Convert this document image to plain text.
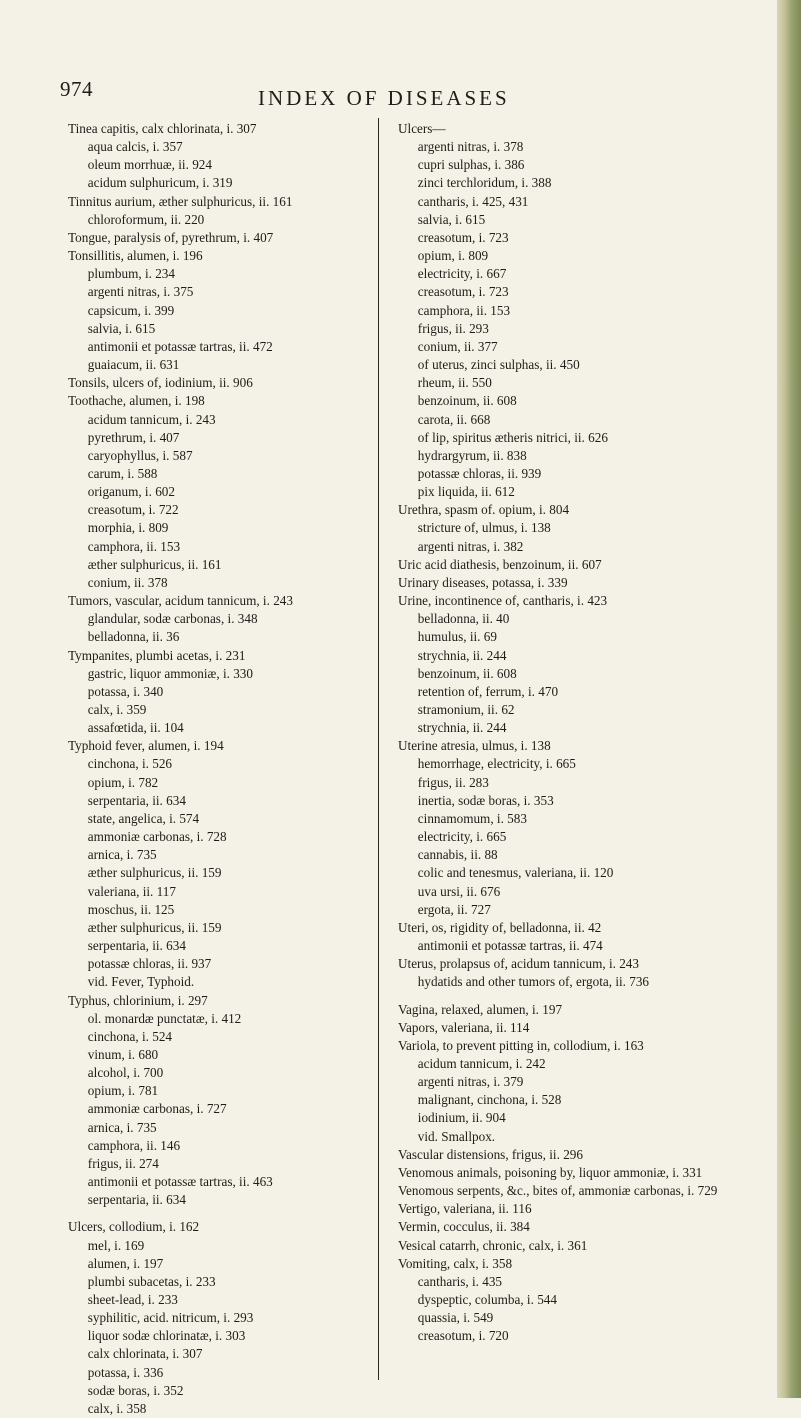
974	INDEX OF DISEASES

Tinea capitis, calx chlorinata, i. 307

aqua calcis, i. 357

oleum morrhuæ, ii. 924

acidum sulphuricum, i. 319

Tinnitus aurium, æther sulphuricus, ii. 161

chloroformum, ii. 220

Tongue, paralysis of, pyrethrum, i. 407

Tonsillitis, alumen, i. 196

plumbum, i. 234

argenti nitras, i. 375

capsicum, i. 399

salvia, i. 615

antimonii et potassæ tartras, ii. 472

guaiacum, ii. 631

Tonsils, ulcers of, iodinium, ii. 906

Toothache, alumen, i. 198

acidum tannicum, i. 243

pyrethrum, i. 407

caryophyllus, i. 587

carum, i. 588

origanum, i. 602

creasotum, i. 722

morphia, i. 809

camphora, ii. 153

æther sulphuricus, ii. 161

conium, ii. 378

Tumors, vascular, acidum tannicum, i. 243

glandular, sodæ carbonas, i. 348

belladonna, ii. 36

Tympanites, plumbi acetas, i. 231

gastric, liquor ammoniæ, i. 330

potassa, i. 340

calx, i. 359

assafœtida, ii. 104

Typhoid fever, alumen, i. 194

cinchona, i. 526

opium, i. 782

serpentaria, ii. 634

state, angelica, i. 574

ammoniæ carbonas, i. 728

arnica, i. 735

æther sulphuricus, ii. 159

valeriana, ii. 117

moschus, ii. 125

æther sulphuricus, ii. 159

serpentaria, ii. 634

potassæ chloras, ii. 937

vid. Fever, Typhoid.

Typhus, chlorinium, i. 297

ol. monardæ punctatæ, i. 412

cinchona, i. 524

vinum, i. 680

alcohol, i. 700

opium, i. 781

ammoniæ carbonas, i. 727

arnica, i. 735

camphora, ii. 146

frigus, ii. 274

antimonii et potassæ tartras, ii. 463

serpentaria, ii. 634

Ulcers, collodium, i. 162

mel, i. 169

alumen, i. 197

plumbi subacetas, i. 233

sheet-lead, i. 233

syphilitic, acid. nitricum, i. 293

liquor sodæ chlorinatæ, i. 303

calx chlorinata, i. 307

potassa, i. 336

sodæ boras, i. 352

calx, i. 358

Ulcers—

argenti nitras, i. 378

cupri sulphas, i. 386

zinci terchloridum, i. 388

cantharis, i. 425, 431

salvia, i. 615

creasotum, i. 723

opium, i. 809

electricity, i. 667

creasotum, i. 723

camphora, ii. 153

frigus, ii. 293

conium, ii. 377

of uterus, zinci sulphas, ii. 450

rheum, ii. 550

benzoinum, ii. 608

carota, ii. 668

of lip, spiritus ætheris nitrici, ii. 626

hydrargyrum, ii. 838

potassæ chloras, ii. 939

pix liquida, ii. 612

Urethra, spasm of. opium, i. 804

stricture of, ulmus, i. 138

argenti nitras, i. 382

Uric acid diathesis, benzoinum, ii. 607

Urinary diseases, potassa, i. 339

Urine, incontinence of, cantharis, i. 423

belladonna, ii. 40

humulus, ii. 69

strychnia, ii. 244

benzoinum, ii. 608

retention of, ferrum, i. 470

stramonium, ii. 62

strychnia, ii. 244

Uterine atresia, ulmus, i. 138

hemorrhage, electricity, i. 665

frigus, ii. 283

inertia, sodæ boras, i. 353

cinnamomum, i. 583

electricity, i. 665

cannabis, ii. 88

colic and tenesmus, valeriana, ii. 120

uva ursi, ii. 676

ergota, ii. 727

Uteri, os, rigidity of, belladonna, ii. 42

antimonii et potassæ tartras, ii. 474

Uterus, prolapsus of, acidum tannicum, i. 243

hydatids and other tumors of, ergota, ii. 736

Vagina, relaxed, alumen, i. 197

Vapors, valeriana, ii. 114

Variola, to prevent pitting in, collodium, i. 163

acidum tannicum, i. 242

argenti nitras, i. 379

malignant, cinchona, i. 528

iodinium, ii. 904

vid. Smallpox.

Vascular distensions, frigus, ii. 296

Venomous animals, poisoning by, liquor ammoniæ, i. 331

Venomous serpents, &c., bites of, ammoniæ carbonas, i. 729

Vertigo, valeriana, ii. 116

Vermin, cocculus, ii. 384

Vesical catarrh, chronic, calx, i. 361

Vomiting, calx, i. 358

cantharis, i. 435

dyspeptic, columba, i. 544

quassia, i. 549

creasotum, i. 720
